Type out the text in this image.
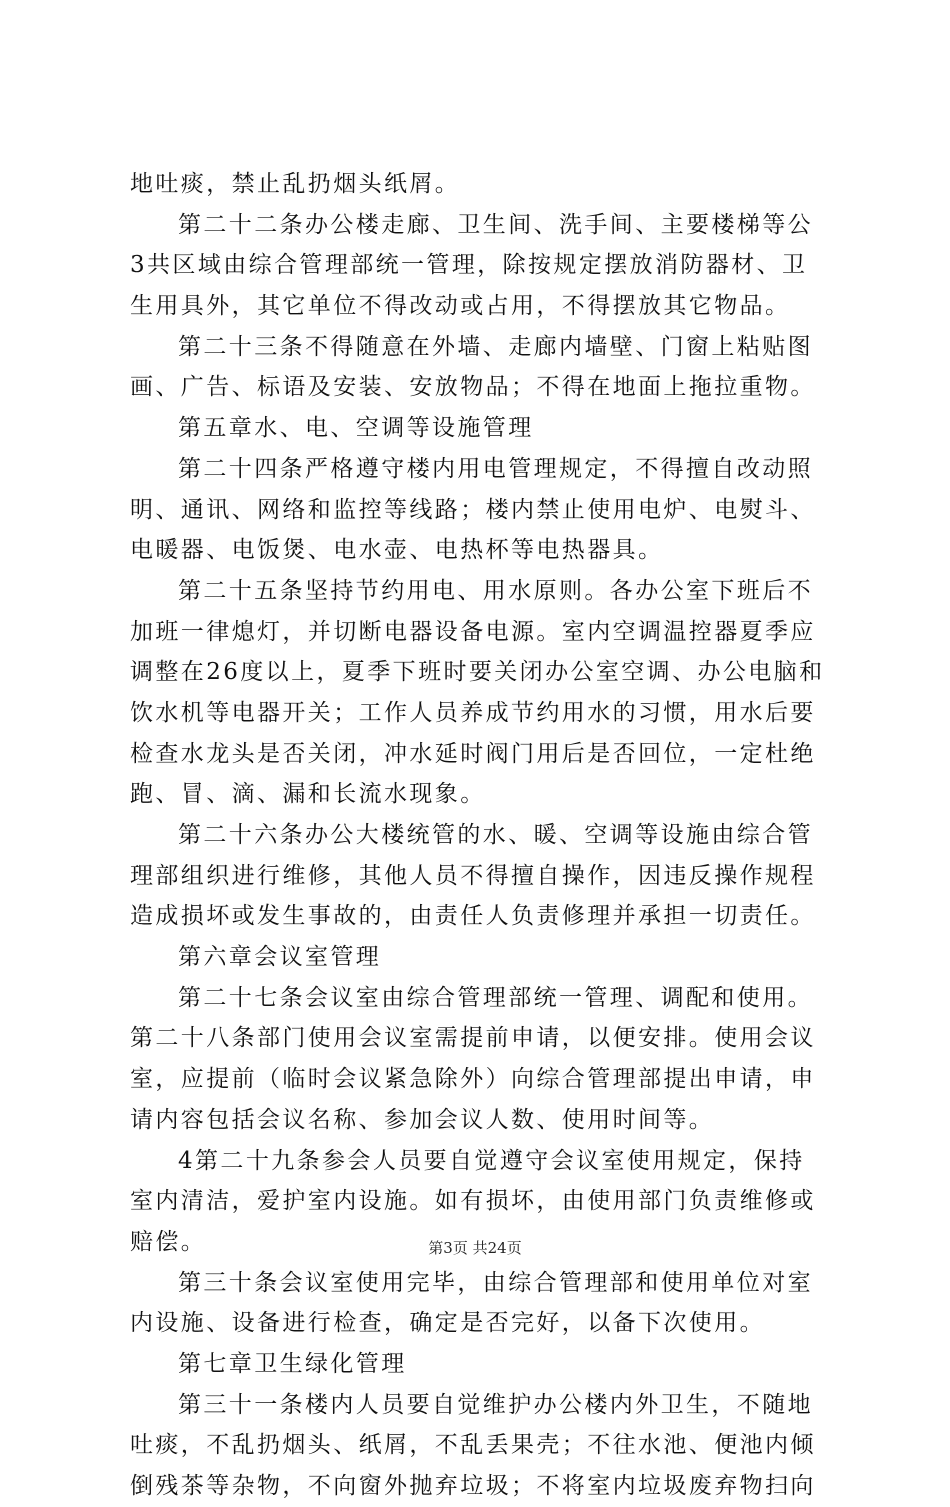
地吐痰，禁止乱扔烟头纸屑。
第二十二条办公楼走廊、卫生间、洗手间、主要楼梯等公
3共区域由综合管理部统一管理，除按规定摆放消防器材、卫
生用具外，其它单位不得改动或占用，不得摆放其它物品。
第二十三条不得随意在外墙、走廊内墙壁、门窗上粘贴图
画、广告、标语及安装、安放物品；不得在地面上拖拉重物。
第五章水、电、空调等设施管理
第二十四条严格遵守楼内用电管理规定，不得擅自改动照
明、通讯、网络和监控等线路；楼内禁止使用电炉、电熨斗、
电暖器、电饭煲、电水壶、电热杯等电热器具。
第二十五条坚持节约用电、用水原则。各办公室下班后不
加班一律熄灯，并切断电器设备电源。室内空调温控器夏季应
调整在26度以上，夏季下班时要关闭办公室空调、办公电脑和
饮水机等电器开关；工作人员养成节约用水的习惯，用水后要
检查水龙头是否关闭，冲水延时阀门用后是否回位，一定杜绝
跑、冒、滴、漏和长流水现象。
第二十六条办公大楼统管的水、暖、空调等设施由综合管
理部组织进行维修，其他人员不得擅自操作，因违反操作规程
造成损坏或发生事故的，由责任人负责修理并承担一切责任。
第六章会议室管理
第二十七条会议室由综合管理部统一管理、调配和使用。
第二十八条部门使用会议室需提前申请，以便安排。使用会议
室，应提前（临时会议紧急除外）向综合管理部提出申请，申
请内容包括会议名称、参加会议人数、使用时间等。
4第二十九条参会人员要自觉遵守会议室使用规定，保持
室内清洁，爱护室内设施。如有损坏，由使用部门负责维修或
赔偿。
第三十条会议室使用完毕，由综合管理部和使用单位对室
内设施、设备进行检查，确定是否完好，以备下次使用。
第七章卫生绿化管理
第三十一条楼内人员要自觉维护办公楼内外卫生，不随地
吐痰，不乱扔烟头、纸屑，不乱丢果壳；不往水池、便池内倾
倒残茶等杂物，不向窗外抛弃垃圾；不将室内垃圾废弃物扫向
第3页 共24页
